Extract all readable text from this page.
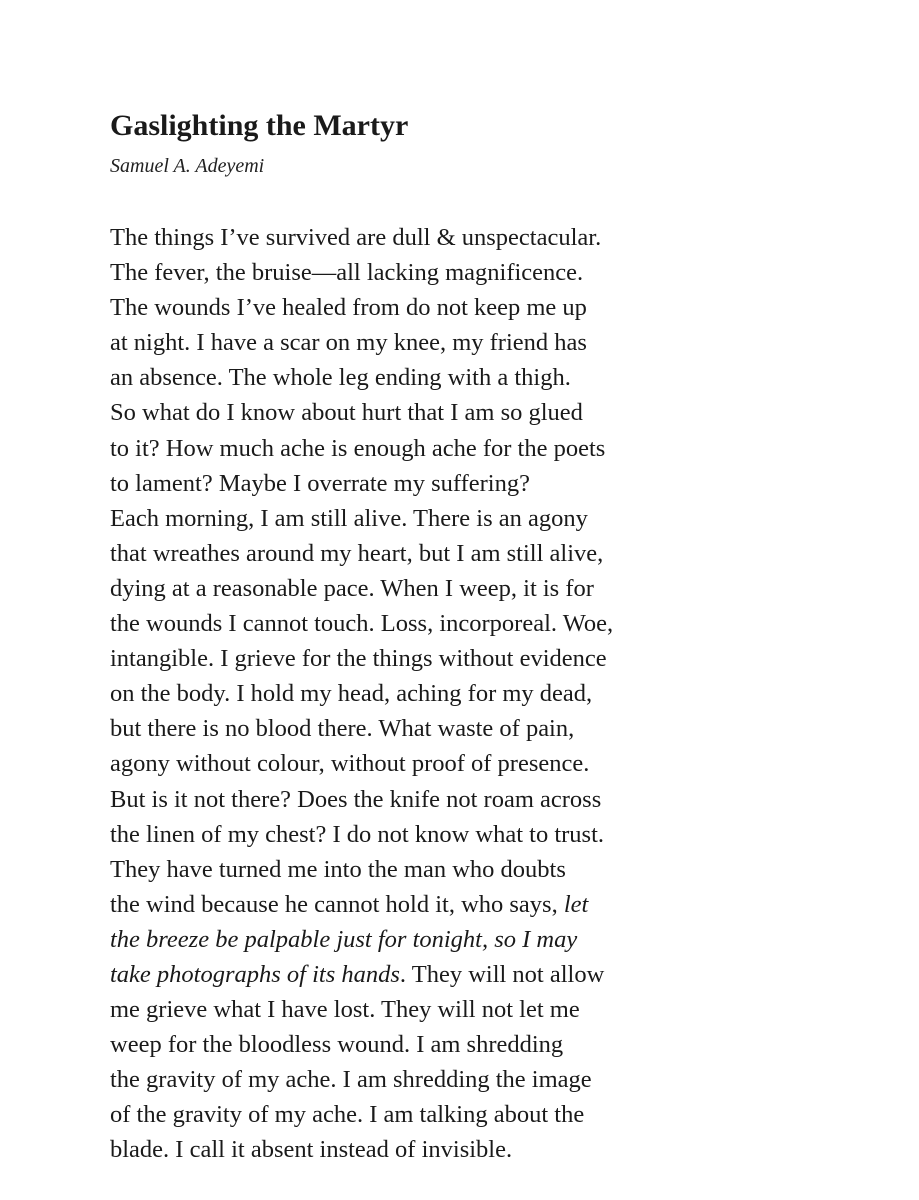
Gaslighting the Martyr
Samuel A. Adeyemi
The things I’ve survived are dull & unspectacular.
The fever, the bruise—all lacking magnificence.
The wounds I’ve healed from do not keep me up
at night. I have a scar on my knee, my friend has
an absence. The whole leg ending with a thigh.
So what do I know about hurt that I am so glued
to it? How much ache is enough ache for the poets
to lament? Maybe I overrate my suffering?
Each morning, I am still alive. There is an agony
that wreathes around my heart, but I am still alive,
dying at a reasonable pace. When I weep, it is for
the wounds I cannot touch. Loss, incorporeal. Woe,
intangible. I grieve for the things without evidence
on the body. I hold my head, aching for my dead,
but there is no blood there. What waste of pain,
agony without colour, without proof of presence.
But is it not there? Does the knife not roam across
the linen of my chest? I do not know what to trust.
They have turned me into the man who doubts
the wind because he cannot hold it, who says, let
the breeze be palpable just for tonight, so I may
take photographs of its hands. They will not allow
me grieve what I have lost. They will not let me
weep for the bloodless wound. I am shredding
the gravity of my ache. I am shredding the image
of the gravity of my ache. I am talking about the
blade. I call it absent instead of invisible.
